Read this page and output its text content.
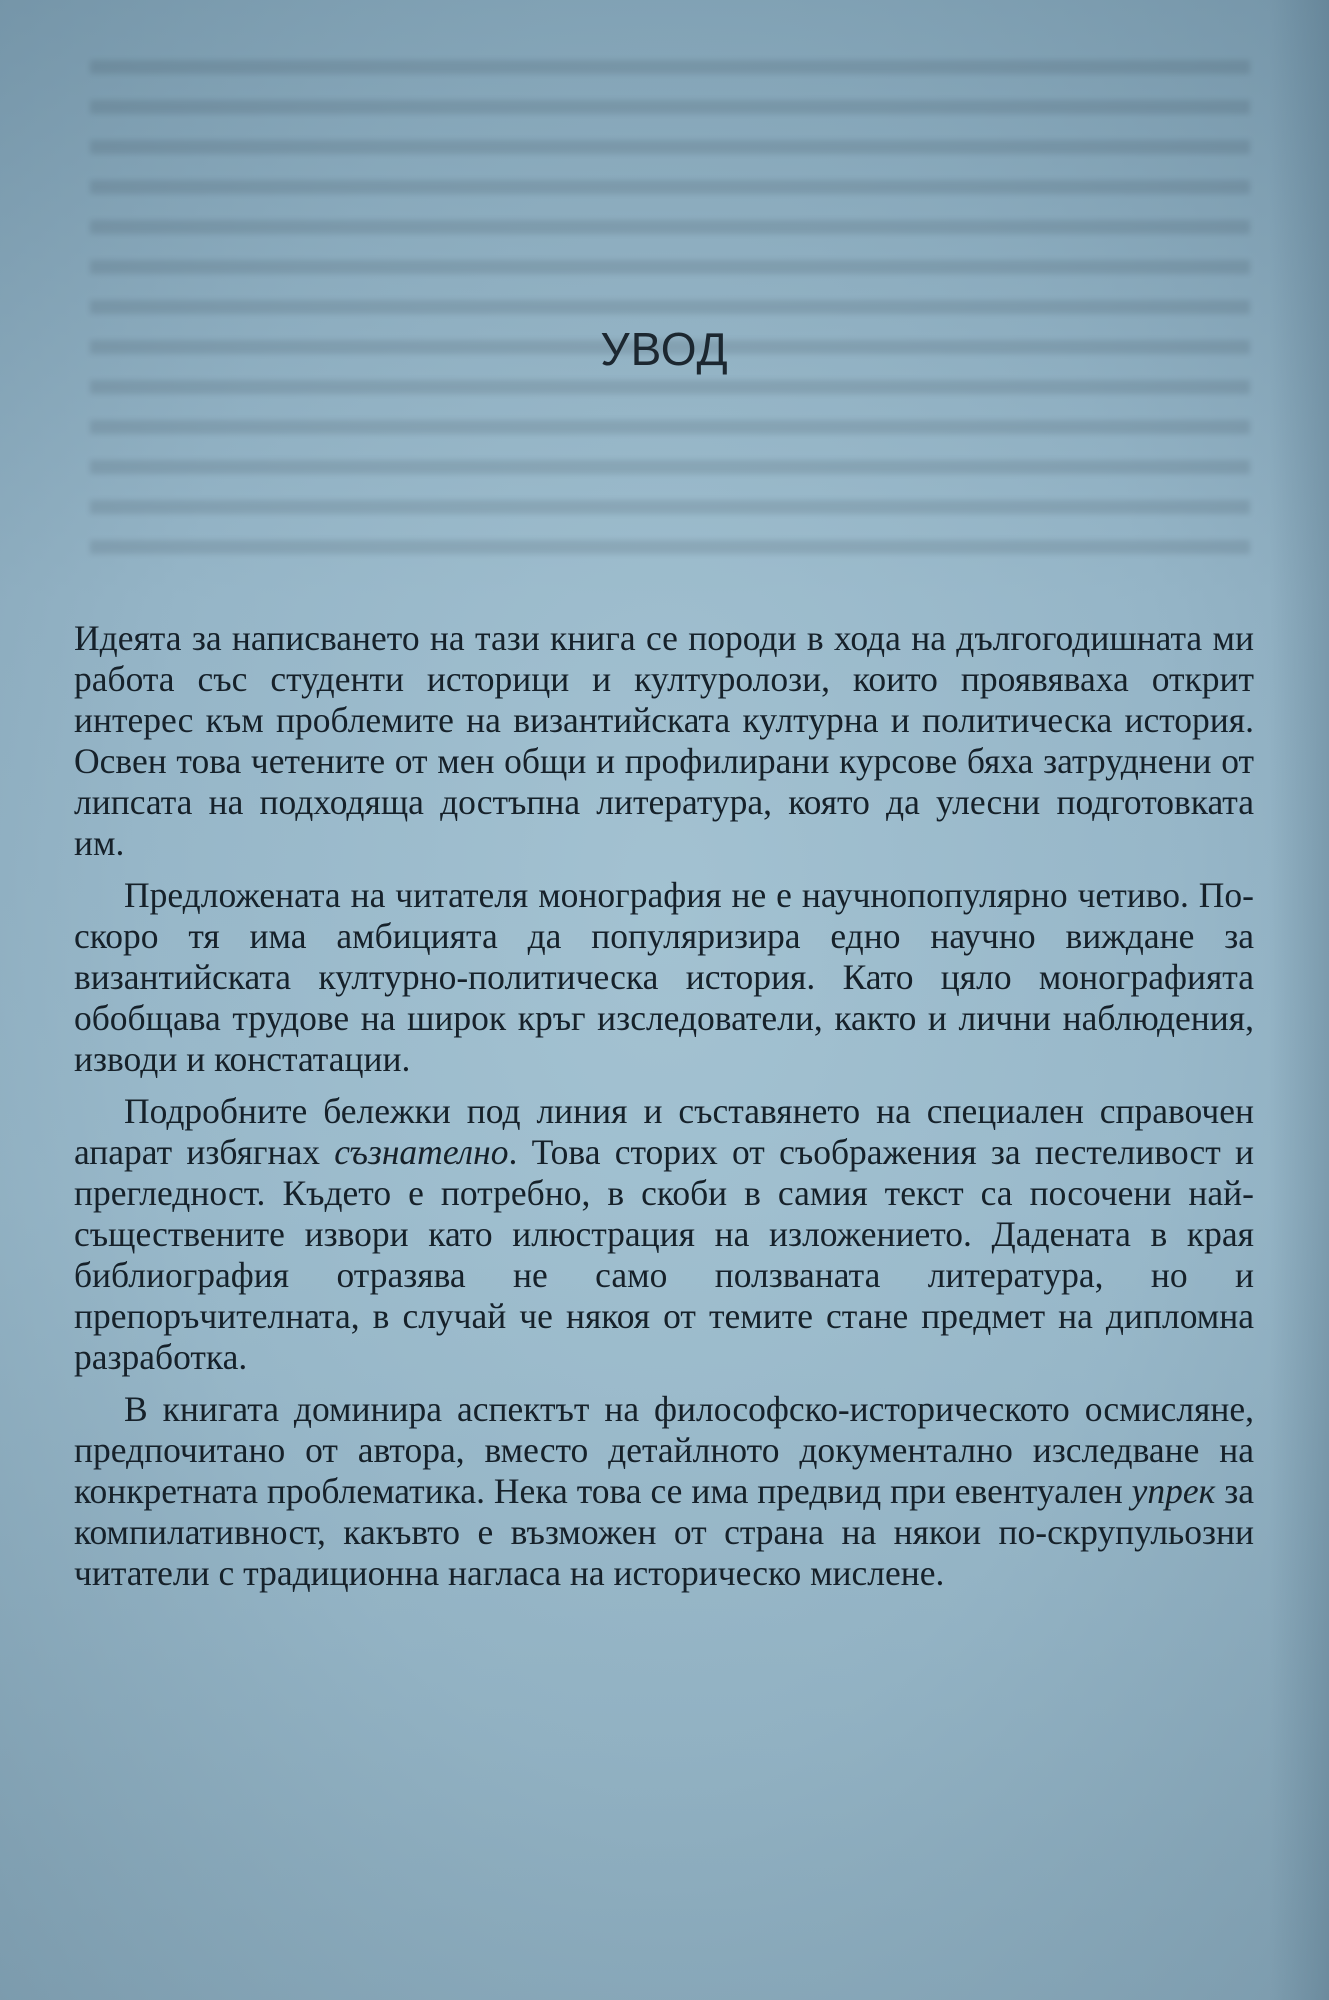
УВОД

Идеята за написването на тази книга се породи в хода на дългогодишната ми работа със студенти историци и културолози, които проявяваха открит интерес към проблемите на византийската културна и политическа история. Освен това четените от мен общи и профилирани курсове бяха затруднени от липсата на подходяща достъпна литература, която да улесни подготовката им.

Предложената на читателя монография не е научнопопулярно четиво. По-скоро тя има амбицията да популяризира едно научно виждане за византийската културно-политическа история. Като цяло монографията обобщава трудове на широк кръг изследователи, както и лични наблюдения, изводи и констатации.

Подробните бележки под линия и съставянето на специален справочен апарат избягнах съзнателно. Това сторих от съображения за пестеливост и прегледност. Където е потребно, в скоби в самия текст са посочени най-съществените извори като илюстрация на изложението. Дадената в края библиография отразява не само ползваната литература, но и препоръчителната, в случай че някоя от темите стане предмет на дипломна разработка.

В книгата доминира аспектът на философско-историческото осмисляне, предпочитано от автора, вместо детайлното документално изследване на конкретната проблематика. Нека това се има предвид при евентуален упрек за компилативност, какъвто е възможен от страна на някои по-скрупульозни читатели с традиционна нагласа на историческо мислене.
